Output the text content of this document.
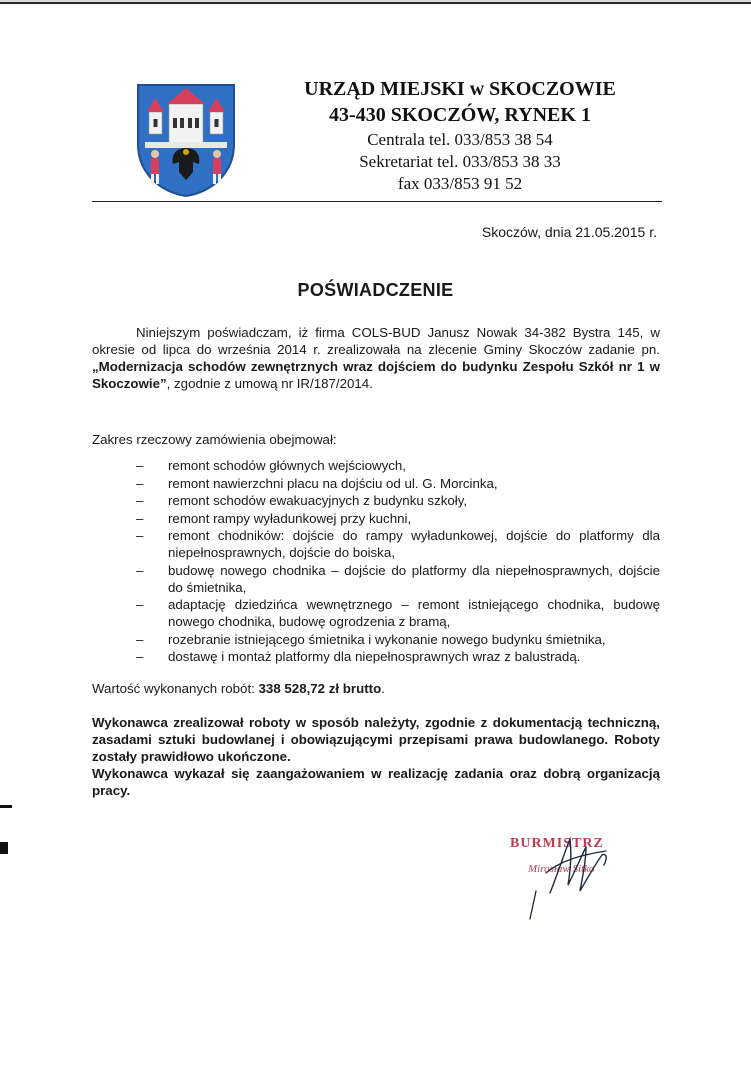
URZĄD MIEJSKI w SKOCZOWIE
43-430 SKOCZÓW, RYNEK 1
Centrala tel. 033/853 38 54
Sekretariat tel. 033/853 38 33
fax 033/853 91 52
Skoczów, dnia 21.05.2015 r.
POŚWIADCZENIE
Niniejszym poświadczam, iż firma COLS-BUD Janusz Nowak 34-382 Bystra 145, w okresie od lipca do września 2014 r. zrealizowała na zlecenie Gminy Skoczów zadanie pn. „Modernizacja schodów zewnętrznych wraz dojściem do budynku Zespołu Szkół nr 1 w Skoczowie”, zgodnie z umową nr IR/187/2014.
Zakres rzeczowy zamówienia obejmował:
– remont schodów głównych wejściowych,
– remont nawierzchni placu na dojściu od ul. G. Morcinka,
– remont schodów ewakuacyjnych z budynku szkoły,
– remont rampy wyładunkowej przy kuchni,
– remont chodników: dojście do rampy wyładunkowej, dojście do platformy dla niepełnosprawnych, dojście do boiska,
– budowę nowego chodnika – dojście do platformy dla niepełnosprawnych, dojście do śmietnika,
– adaptację dziedzińca wewnętrznego – remont istniejącego chodnika, budowę nowego chodnika, budowę ogrodzenia z bramą,
– rozebranie istniejącego śmietnika i wykonanie nowego budynku śmietnika,
– dostawę i montaż platformy dla niepełnosprawnych wraz z balustradą.
Wartość wykonanych robót: 338 528,72 zł brutto.
Wykonawca zrealizował roboty w sposób należyty, zgodnie z dokumentacją techniczną, zasadami sztuki budowlanej i obowiązującymi przepisami prawa budowlanego. Roboty zostały prawidłowo ukończone.
Wykonawca wykazał się zaangażowaniem w realizację zadania oraz dobrą organizacją pracy.
BURMISTRZ
Mirosław Sitko
